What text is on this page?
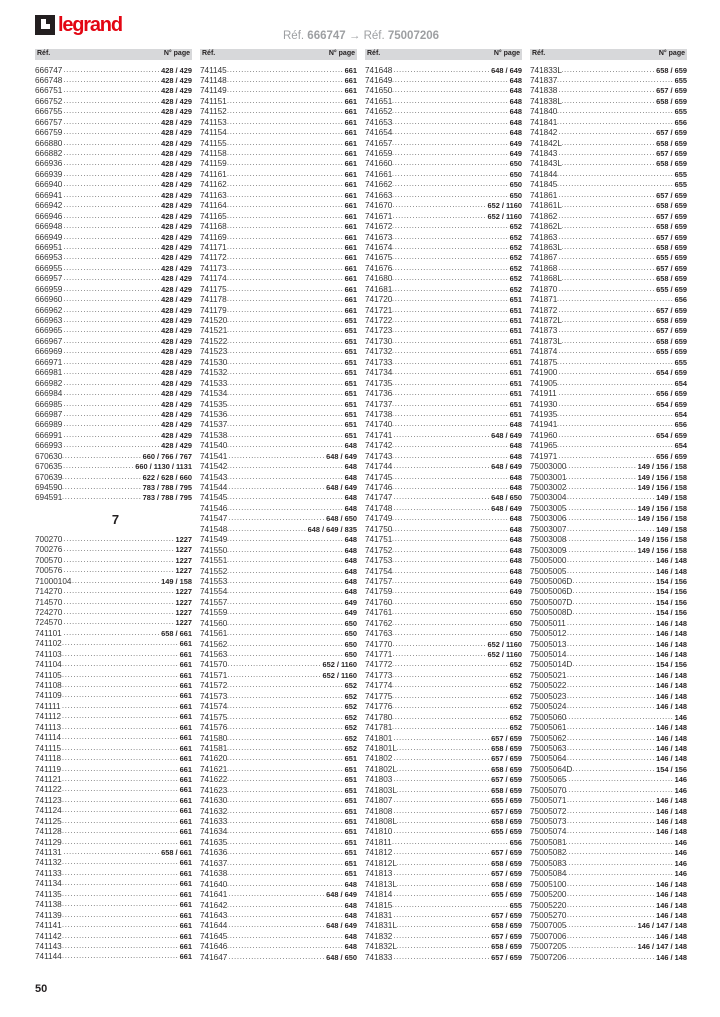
legrand	Réf. 666747 → Réf. 75007206
Réf.	N° page
666747 .....	428 / 429
666748 .....	428 / 429
666751 .....	428 / 429
666752 .....	428 / 429
666755 .....	428 / 429
666757 .....	428 / 429
666759 .....	428 / 429
666880 .....	428 / 429
666882 .....	428 / 429
666936 .....	428 / 429
666939 .....	428 / 429
666940 .....	428 / 429
666941 .....	428 / 429
666942 .....	428 / 429
666946 .....	428 / 429
666948 .....	428 / 429
666949 .....	428 / 429
666951 .....	428 / 429
666953 .....	428 / 429
666955 .....	428 / 429
666957 .....	428 / 429
666959 .....	428 / 429
666960 .....	428 / 429
666962 .....	428 / 429
666963 .....	428 / 429
666965 .....	428 / 429
666967 .....	428 / 429
666969 .....	428 / 429
666971 .....	428 / 429
666981 .....	428 / 429
666982 .....	428 / 429
666984 .....	428 / 429
666985 .....	428 / 429
666987 .....	428 / 429
666989 .....	428 / 429
666991 .....	428 / 429
666993 .....	428 / 429
670630 .....	660 / 766 / 767
670635 .....	660 / 1130 / 1131
670639 .....	622 / 628 / 660
694590 .....	783 / 788 / 795
694591 .....	783 / 788 / 795
7
700270 .....	1227
700276 .....	1227
700570 .....	1227
700576 .....	1227
71000104 .....	149 / 158
714270 .....	1227
714570 .....	1227
724270 .....	1227
724570 .....	1227
741101 .....	658 / 661
741102 .....	661
741103 .....	661
741104 .....	661
741105 .....	661
741108 .....	661
741109 .....	661
741111 .....	661
741112 .....	661
741113 .....	661
741114 .....	661
741115 .....	661
741118 .....	661
741119 .....	661
741121 .....	661
741122 .....	661
741123 .....	661
741124 .....	661
741125 .....	661
741128 .....	661
741129 .....	661
741131 .....	658 / 661
741132 .....	661
741133 .....	661
741134 .....	661
741135 .....	661
741138 .....	661
741139 .....	661
741141 .....	661
741142 .....	661
741143 .....	661
741144 .....	661
Réf.	N° page
741145 .....	661
741148 .....	661
741149 .....	661
741151 .....	661
741152 .....	661
741153 .....	661
741154 .....	661
741155 .....	661
741158 .....	661
741159 .....	661
741161 .....	661
741162 .....	661
741163 .....	661
741164 .....	661
741165 .....	661
741168 .....	661
741169 .....	661
741171 .....	661
741172 .....	661
741173 .....	661
741174 .....	661
741175 .....	661
741178 .....	661
741179 .....	661
741520 .....	651
741521 .....	651
741522 .....	651
741523 .....	651
741530 .....	651
741532 .....	651
741533 .....	651
741534 .....	651
741535 .....	651
741536 .....	651
741537 .....	651
741538 .....	651
741540 .....	648
741541 .....	648 / 649
741542 .....	648
741543 .....	648
741544 .....	648 / 649
741545 .....	648
741546 .....	648
741547 .....	648 / 650
741548 .....	648 / 649 / 835
741549 .....	648
741550 .....	648
741551 .....	648
741552 .....	648
741553 .....	648
741554 .....	648
741557 .....	649
741559 .....	649
741560 .....	650
741561 .....	650
741562 .....	650
741563 .....	650
741570 .....	652 / 1160
741571 .....	652 / 1160
741572 .....	652
741573 .....	652
741574 .....	652
741575 .....	652
741576 .....	652
741580 .....	652
741581 .....	652
741620 .....	651
741621 .....	651
741622 .....	651
741623 .....	651
741630 .....	651
741632 .....	651
741633 .....	651
741634 .....	651
741635 .....	651
741636 .....	651
741637 .....	651
741638 .....	651
741640 .....	648
741641 .....	648 / 649
741642 .....	648
741643 .....	648
741644 .....	648 / 649
741645 .....	648
741646 .....	648
741647 .....	648 / 650
Réf.	N° page
741648 .....	648 / 649
741649 .....	648
741650 .....	648
741651 .....	648
741652 .....	648
741653 .....	648
741654 .....	648
741657 .....	649
741659 .....	649
741660 .....	650
741661 .....	650
741662 .....	650
741663 .....	650
741670 .....	652 / 1160
741671 .....	652 / 1160
741672 .....	652
741673 .....	652
741674 .....	652
741675 .....	652
741676 .....	652
741680 .....	652
741681 .....	652
741720 .....	651
741721 .....	651
741722 .....	651
741723 .....	651
741730 .....	651
741732 .....	651
741733 .....	651
741734 .....	651
741735 .....	651
741736 .....	651
741737 .....	651
741738 .....	651
741740 .....	648
741741 .....	648 / 649
741742 .....	648
741743 .....	648
741744 .....	648 / 649
741745 .....	648
741746 .....	648
741747 .....	648 / 650
741748 .....	648 / 649
741749 .....	648
741750 .....	648
741751 .....	648
741752 .....	648
741753 .....	648
741754 .....	648
741757 .....	649
741759 .....	649
741760 .....	650
741761 .....	650
741762 .....	650
741763 .....	650
741770 .....	652 / 1160
741771 .....	652 / 1160
741772 .....	652
741773 .....	652
741774 .....	652
741775 .....	652
741776 .....	652
741780 .....	652
741781 .....	652
741801 .....	657 / 659
741801L .....	658 / 659
741802 .....	657 / 659
741802L .....	658 / 659
741803 .....	657 / 659
741803L .....	658 / 659
741807 .....	655 / 659
741808 .....	657 / 659
741808L .....	658 / 659
741810 .....	655 / 659
741811 .....	656
741812 .....	657 / 659
741812L .....	658 / 659
741813 .....	657 / 659
741813L .....	658 / 659
741814 .....	655 / 659
741815 .....	655
741831 .....	657 / 659
741831L .....	658 / 659
741832 .....	657 / 659
741832L .....	658 / 659
741833 .....	657 / 659
Réf.	N° page
741833L .....	658 / 659
741837 .....	655
741838 .....	657 / 659
741838L .....	658 / 659
741840 .....	655
741841 .....	656
741842 .....	657 / 659
741842L .....	658 / 659
741843 .....	657 / 659
741843L .....	658 / 659
741844 .....	655
741845 .....	655
741861 .....	657 / 659
741861L .....	658 / 659
741862 .....	657 / 659
741862L .....	658 / 659
741863 .....	657 / 659
741863L .....	658 / 659
741867 .....	655 / 659
741868 .....	657 / 659
741868L .....	658 / 659
741870 .....	655 / 659
741871 .....	656
741872 .....	657 / 659
741872L .....	658 / 659
741873 .....	657 / 659
741873L .....	658 / 659
741874 .....	655 / 659
741875 .....	655
741900 .....	654 / 659
741905 .....	654
741911 .....	656 / 659
741930 .....	654 / 659
741935 .....	654
741941 .....	656
741960 .....	654 / 659
741965 .....	654
741971 .....	656 / 659
75003000 .....	149 / 156 / 158
75003001 .....	149 / 156 / 158
75003002 .....	149 / 156 / 158
75003004 .....	149 / 158
75003005 .....	149 / 156 / 158
75003006 .....	149 / 156 / 158
75003007 .....	149 / 158
75003008 .....	149 / 156 / 158
75003009 .....	149 / 156 / 158
75005000 .....	146 / 148
75005005 .....	146 / 148
75005006D .....	154 / 156
75005006D .....	154 / 156
75005007D .....	154 / 156
75005008D .....	154 / 156
75005011 .....	146 / 148
75005012 .....	146 / 148
75005013 .....	146 / 148
75005014 .....	146 / 148
75005014D .....	154 / 156
75005021 .....	146 / 148
75005022 .....	146 / 148
75005023 .....	146 / 148
75005024 .....	146 / 148
75005060 .....	146
75005061 .....	146 / 148
75005062 .....	146 / 148
75005063 .....	146 / 148
75005064 .....	146 / 148
75005064D .....	154 / 156
75005065 .....	146
75005070 .....	146
75005071 .....	146 / 148
75005072 .....	146 / 148
75005073 .....	146 / 148
75005074 .....	146 / 148
75005081 .....	146
75005082 .....	146
75005083 .....	146
75005084 .....	146
75005100 .....	146 / 148
75005200 .....	146 / 148
75005220 .....	146 / 148
75005270 .....	146 / 148
75007005 .....	146 / 147 / 148
75007006 .....	146 / 148
75007205 .....	146 / 147 / 148
75007206 .....	146 / 148
50
